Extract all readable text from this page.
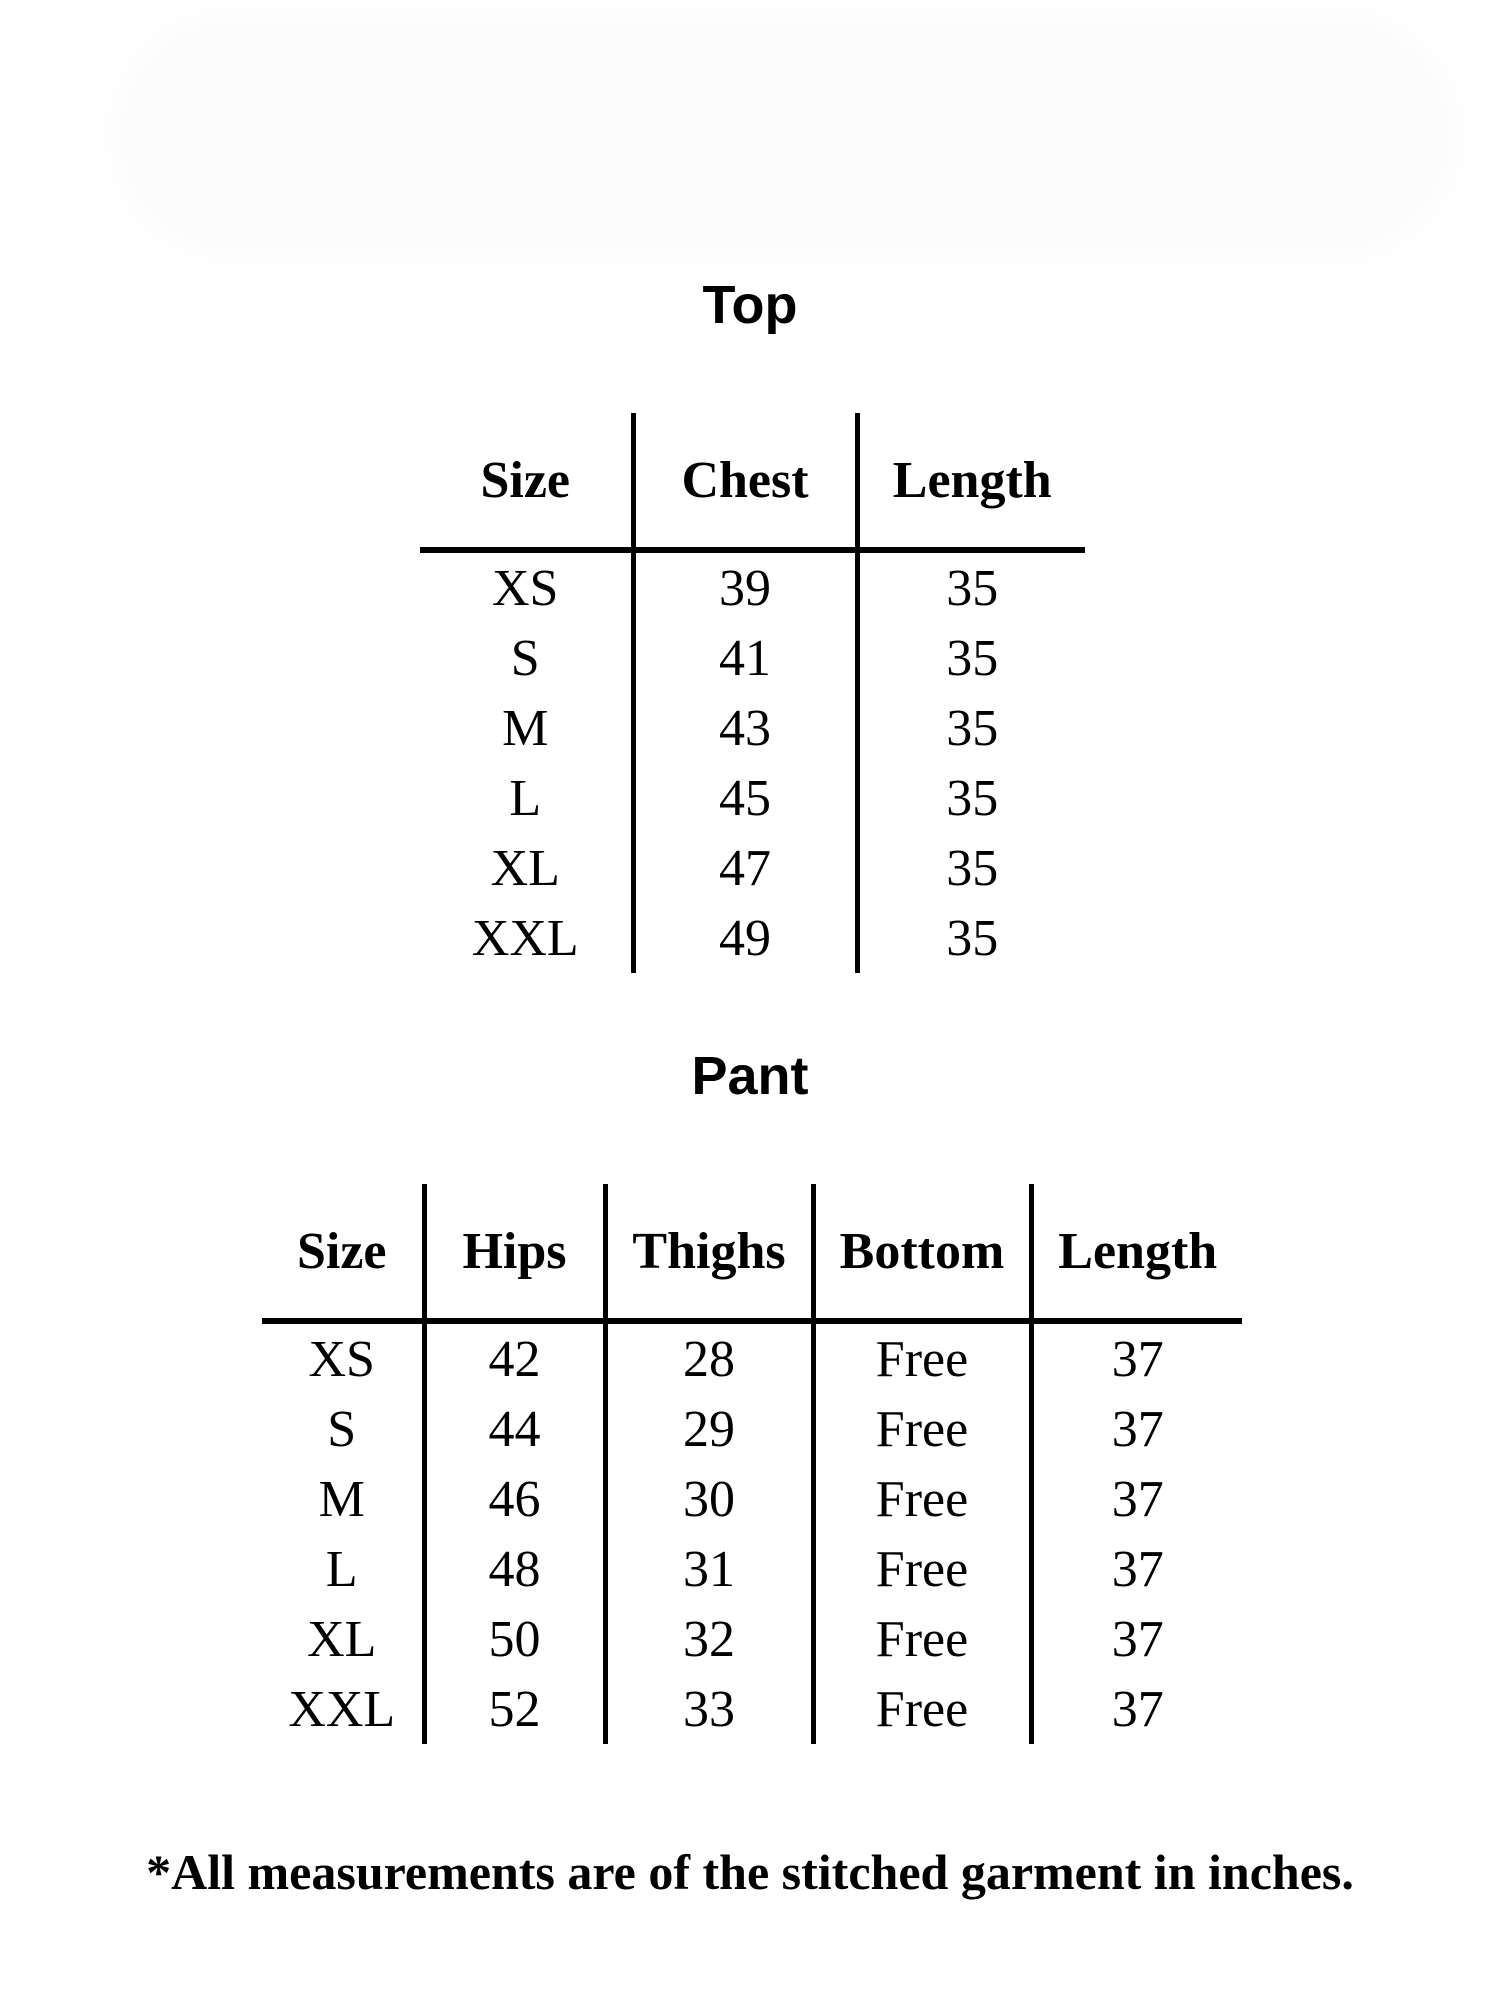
Top
Size	Chest	Length
XS	39	35
S	41	35
M	43	35
L	45	35
XL	47	35
XXL	49	35
Pant
Size	Hips	Thighs	Bottom	Length
XS	42	28	Free	37
S	44	29	Free	37
M	46	30	Free	37
L	48	31	Free	37
XL	50	32	Free	37
XXL	52	33	Free	37
*All measurements are of the stitched garment in inches.
